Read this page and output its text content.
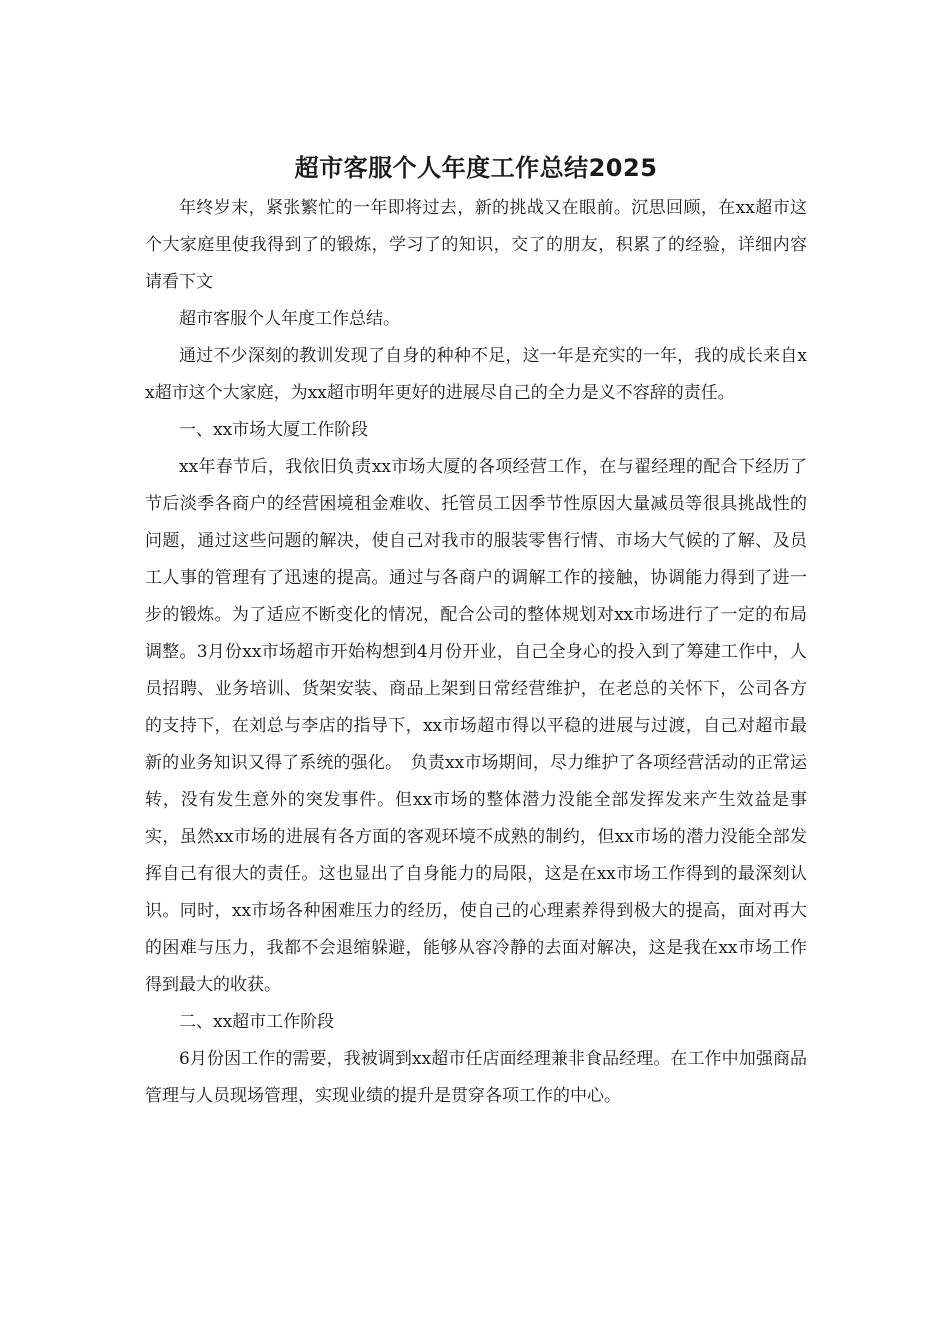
超市客服个人年度工作总结2025

年终岁末，紧张繁忙的一年即将过去，新的挑战又在眼前。沉思回顾，在xx超市这个大家庭里使我得到了的锻炼，学习了的知识，交了的朋友，积累了的经验，详细内容请看下文

超市客服个人年度工作总结。

通过不少深刻的教训发现了自身的种种不足，这一年是充实的一年，我的成长来自xx超市这个大家庭，为xx超市明年更好的进展尽自己的全力是义不容辞的责任。

一、xx市场大厦工作阶段

xx年春节后，我依旧负责xx市场大厦的各项经营工作，在与翟经理的配合下经历了节后淡季各商户的经营困境租金难收、托管员工因季节性原因大量减员等很具挑战性的问题，通过这些问题的解决，使自己对我市的服装零售行情、市场大气候的了解、及员工人事的管理有了迅速的提高。通过与各商户的调解工作的接触，协调能力得到了进一步的锻炼。为了适应不断变化的情况，配合公司的整体规划对xx市场进行了一定的布局调整。3月份xx市场超市开始构想到4月份开业，自己全身心的投入到了筹建工作中，人员招聘、业务培训、货架安装、商品上架到日常经营维护，在老总的关怀下，公司各方的支持下，在刘总与李店的指导下，xx市场超市得以平稳的进展与过渡，自己对超市最新的业务知识又得了系统的强化。　负责xx市场期间，尽力维护了各项经营活动的正常运转，没有发生意外的突发事件。但xx市场的整体潜力没能全部发挥发来产生效益是事实，虽然xx市场的进展有各方面的客观环境不成熟的制约，但xx市场的潜力没能全部发挥自己有很大的责任。这也显出了自身能力的局限，这是在xx市场工作得到的最深刻认识。同时，xx市场各种困难压力的经历，使自己的心理素养得到极大的提高，面对再大的困难与压力，我都不会退缩躲避，能够从容冷静的去面对解决，这是我在xx市场工作得到最大的收获。

二、xx超市工作阶段

6月份因工作的需要，我被调到xx超市任店面经理兼非食品经理。在工作中加强商品管理与人员现场管理，实现业绩的提升是贯穿各项工作的中心。
